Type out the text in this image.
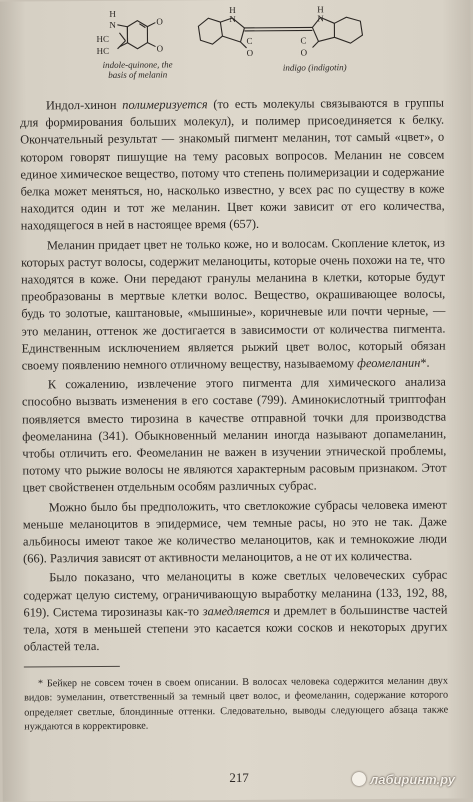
H
N
HC
HC
O
O
indole-quinone, the
basis of melanin
H
N
C
O
H
N
C
O
indigo (indigotin)

Индол-хинон полимеризуется (то есть молекулы связываются в группы для формирования больших молекул), и полимер присоединяется к белку. Окончательный результат — знакомый пигмент меланин, тот самый «цвет», о котором говорят пишущие на тему расовых вопросов. Меланин не совсем единое химическое вещество, потому что степень полимеризации и содержание белка может меняться, но, насколько известно, у всех рас по существу в коже находится один и тот же меланин. Цвет кожи зависит от его количества, находящегося в ней в настоящее время (657).

Меланин придает цвет не только коже, но и волосам. Скопление клеток, из которых растут волосы, содержит меланоциты, которые очень похожи на те, что находятся в коже. Они передают гранулы меланина в клетки, которые будут преобразованы в мертвые клетки волос. Вещество, окрашивающее волосы, будь то золотые, каштановые, «мышиные», коричневые или почти черные, — это меланин, оттенок же достигается в зависимости от количества пигмента. Единственным исключением является рыжий цвет волос, который обязан своему появлению немного отличному веществу, называемому феомеланин*.

К сожалению, извлечение этого пигмента для химического анализа способно вызвать изменения в его составе (799). Аминокислотный триптофан появляется вместо тирозина в качестве отправной точки для производства феомеланина (341). Обыкновенный меланин иногда называют допамеланин, чтобы отличить его. Феомеланин не важен в изучении этнической проблемы, потому что рыжие волосы не являются характерным расовым признаком. Этот цвет свойственен отдельным особям различных субрас.

Можно было бы предположить, что светлокожие субрасы человека имеют меньше меланоцитов в эпидермисе, чем темные расы, но это не так. Даже альбиносы имеют такое же количество меланоцитов, как и темнокожие люди (66). Различия зависят от активности меланоцитов, а не от их количества.

Было показано, что меланоциты в коже светлых человеческих субрас содержат целую систему, ограничивающую выработку меланина (133, 192, 88, 619). Система тирозиназы как-то замедляется и дремлет в большинстве частей тела, хотя в меньшей степени это касается кожи сосков и некоторых других областей тела.

* Бейкер не совсем точен в своем описании. В волосах человека содержится меланин двух видов: эумеланин, ответственный за темный цвет волос, и феомеланин, содержание которого определяет светлые, блондинные оттенки. Следовательно, выводы следующего абзаца также нуждаются в корректировке.
217	лабиринт.ру
